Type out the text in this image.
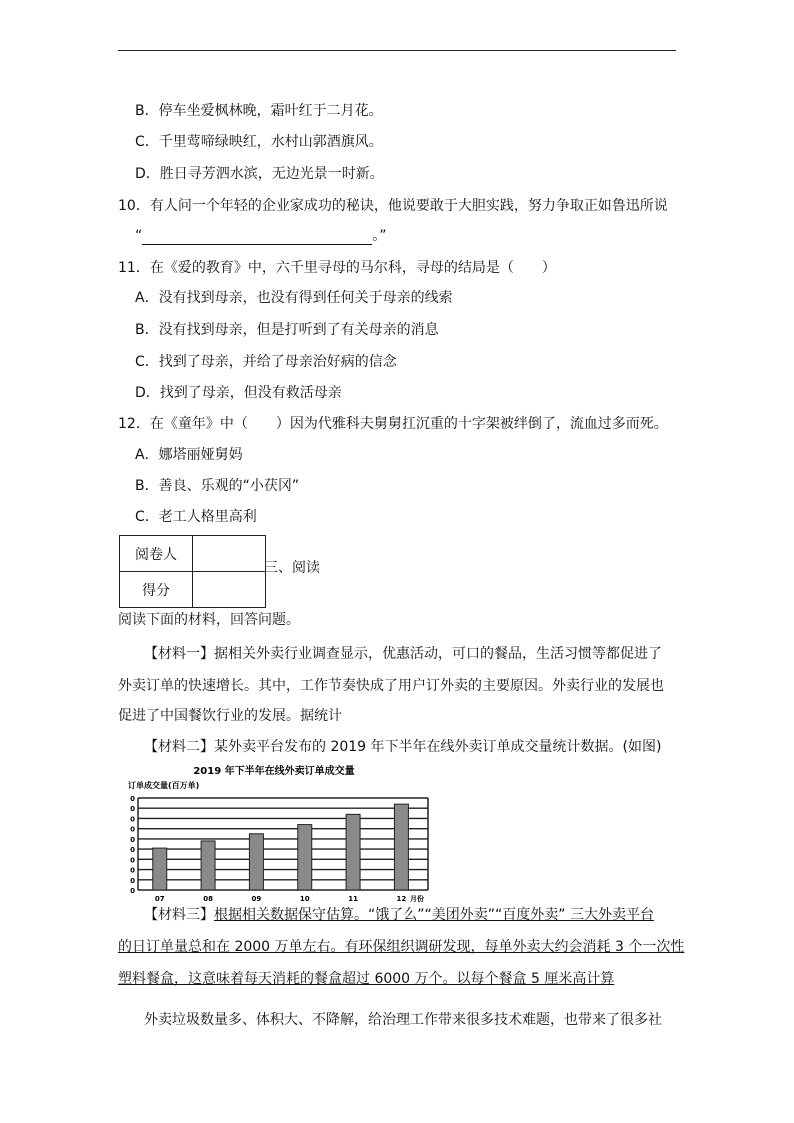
B．停车坐爱枫林晚，霜叶红于二月花。
C．千里莺啼绿映红，水村山郭酒旗风。
D．胜日寻芳泗水滨，无边光景一时新。
10．有人问一个年轻的企业家成功的秘诀，他说要敢于大胆实践，努力争取正如鲁迅所说
“	。”
11．在《爱的教育》中，六千里寻母的马尔科，寻母的结局是（　　）
A．没有找到母亲，也没有得到任何关于母亲的线索
B．没有找到母亲，但是打听到了有关母亲的消息
C．找到了母亲，并给了母亲治好病的信念
D．找到了母亲，但没有救活母亲
12．在《童年》中（　　）因为代雅科夫舅舅扛沉重的十字架被绊倒了，流血过多而死。
A．娜塔丽娅舅妈
B．善良、乐观的“小茯冈”
C．老工人格里高利
阅卷人	
得分	
三、阅读
阅读下面的材料，回答问题。
【材料一】据相关外卖行业调查显示，优惠活动，可口的餐品，生活习惯等都促进了
外卖订单的快速增长。其中，工作节奏快成了用户订外卖的主要原因。外卖行业的发展也
促进了中国餐饮行业的发展。据统计
【材料二】某外卖平台发布的 2019 年下半年在线外卖订单成交量统计数据。(如图)
2019 年下半年在线外卖订单成交量
订单成交量(百万单)
0
0
0
0
0
0
0
0
0
0
07	08	09	10	11	12 月份
【材料三】根据相关数据保守估算。“饿了么”“美团外卖”“百度外卖” 三大外卖平台
的日订单量总和在 2000 万单左右。有环保组织调研发现，每单外卖大约会消耗 3 个一次性
塑料餐盒，这意味着每天消耗的餐盒超过 6000 万个。以每个餐盒 5 厘米高计算
外卖垃圾数量多、体积大、不降解，给治理工作带来很多技术难题，也带来了很多社
